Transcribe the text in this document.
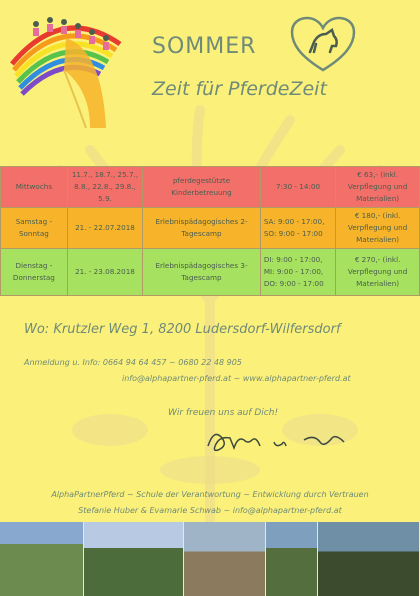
SOMMER
Zeit für PferdeZeit
Mittwochs	11.7., 18.7., 25.7., 8.8., 22.8., 29.8., 5.9.	pferdegestützte Kinderbetreuung	7:30 - 14:00	€ 63,- (inkl. Verpflegung und Materialien)
Samstag - Sonntag	21. - 22.07.2018	Erlebnispädagogisches 2-Tagescamp	SA: 9:00 - 17:00, SO: 9:00 - 17:00	€ 180,- (inkl. Verpflegung und Materialien)
Dienstag - Donnerstag	21. - 23.08.2018	Erlebnispädagogisches 3-Tagescamp	DI: 9:00 - 17:00, MI: 9:00 - 17:00, DO: 9:00 - 17:00	€ 270,- (inkl. Verpflegung und Materialien)
Wo: Krutzler Weg 1, 8200 Ludersdorf-Wilfersdorf
Anmeldung u. Info: 0664 94 64 457 ~ 0680 22 48 905
info@alphapartner-pferd.at ~ www.alphapartner-pferd.at
Wir freuen uns auf Dich!
AlphaPartnerPferd ~ Schule der Verantwortung ~ Entwicklung durch Vertrauen
Stefanie Huber & Evamarie Schwab ~ info@alphapartner-pferd.at
